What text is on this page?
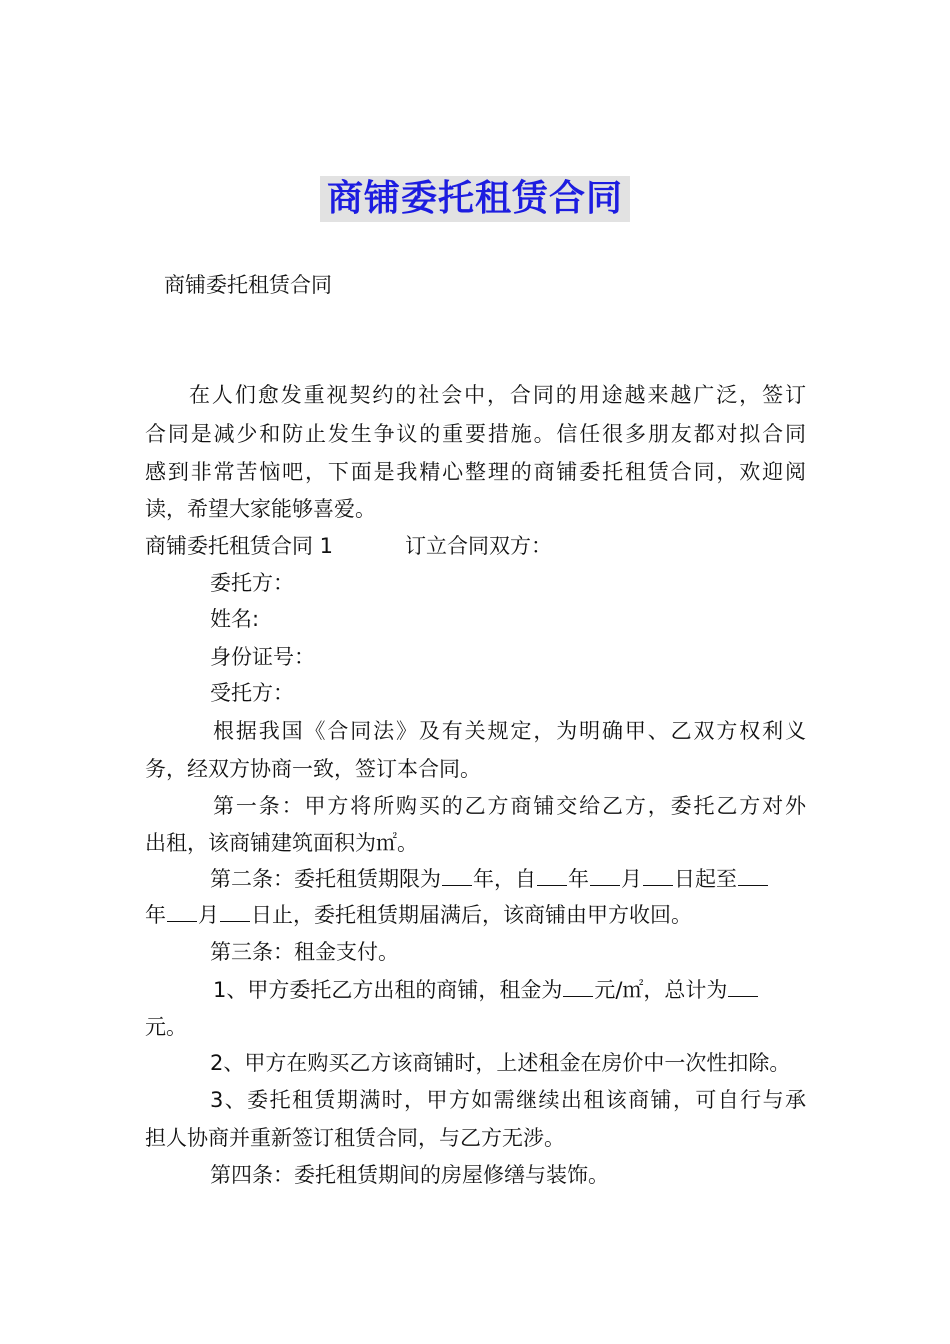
商铺委托租赁合同
商铺委托租赁合同
在人们愈发重视契约的社会中，合同的用途越来越广泛，签订
合同是减少和防止发生争议的重要措施。信任很多朋友都对拟合同
感到非常苦恼吧，下面是我精心整理的商铺委托租赁合同，欢迎阅
读，希望大家能够喜爱。
商铺委托租赁合同 1	订立合同双方：
委托方：
姓名:
身份证号：
受托方：
根据我国《合同法》及有关规定，为明确甲、乙双方权利义
务，经双方协商一致，签订本合同。
第一条：甲方将所购买的乙方商铺交给乙方，委托乙方对外
出租，该商铺建筑面积为㎡。
第二条：委托租赁期限为 年，自 年 月 日起至
年 月 日止，委托租赁期届满后，该商铺由甲方收回。
第三条：租金支付。
1、甲方委托乙方出租的商铺，租金为 元/㎡，总计为
元。
2、甲方在购买乙方该商铺时，上述租金在房价中一次性扣除。
3、委托租赁期满时，甲方如需继续出租该商铺，可自行与承
担人协商并重新签订租赁合同，与乙方无涉。
第四条：委托租赁期间的房屋修缮与装饰。
